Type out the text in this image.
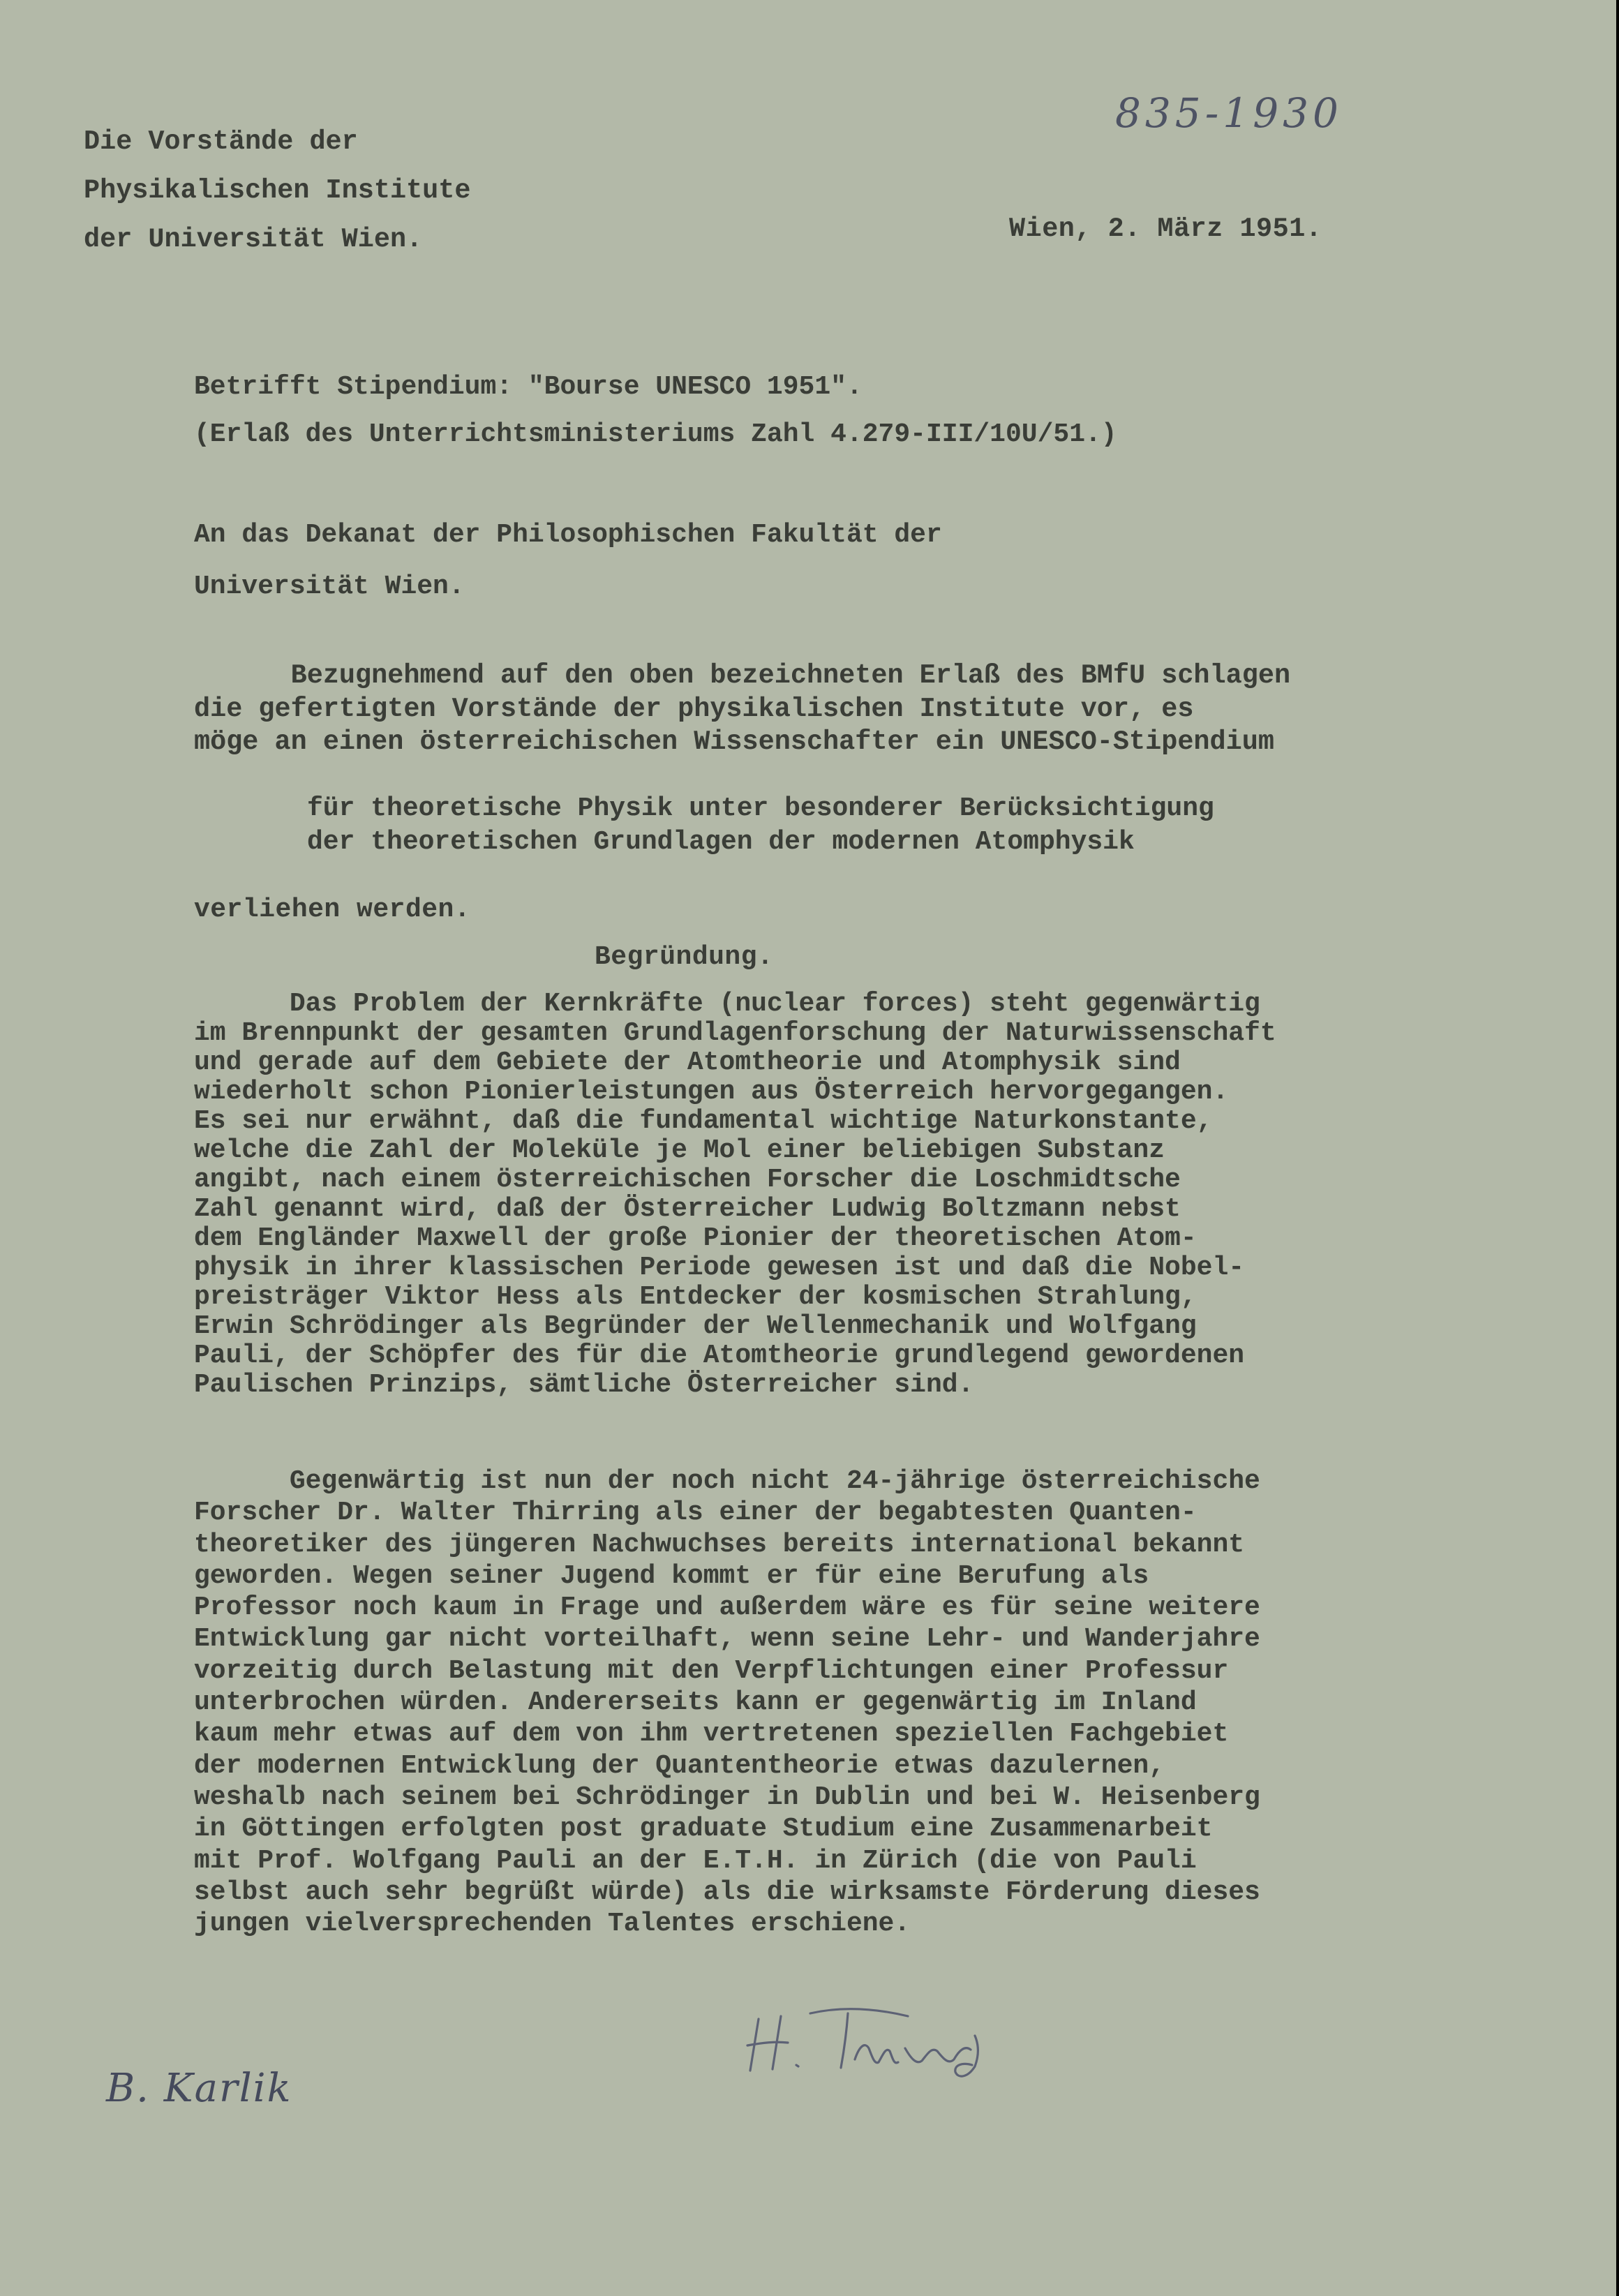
835-1930
Die Vorstände der
Physikalischen Institute
der Universität Wien.	Wien, 2. März 1951.
Betrifft Stipendium: "Bourse UNESCO 1951".
(Erlaß des Unterrichtsministeriums Zahl 4.279-III/10U/51.)
An das Dekanat der Philosophischen Fakultät der
Universität Wien.
Bezugnehmend auf den oben bezeichneten Erlaß des BMfU schlagen
die gefertigten Vorstände der physikalischen Institute vor, es
möge an einen österreichischen Wissenschafter ein UNESCO-Stipendium
für theoretische Physik unter besonderer Berücksichtigung
der theoretischen Grundlagen der modernen Atomphysik
verliehen werden.
Begründung.
Das Problem der Kernkräfte (nuclear forces) steht gegenwärtig
im Brennpunkt der gesamten Grundlagenforschung der Naturwissenschaft
und gerade auf dem Gebiete der Atomtheorie und Atomphysik sind
wiederholt schon Pionierleistungen aus Österreich hervorgegangen.
Es sei nur erwähnt, daß die fundamental wichtige Naturkonstante,
welche die Zahl der Moleküle je Mol einer beliebigen Substanz
angibt, nach einem österreichischen Forscher die Loschmidtsche
Zahl genannt wird, daß der Österreicher Ludwig Boltzmann nebst
dem Engländer Maxwell der große Pionier der theoretischen Atom-
physik in ihrer klassischen Periode gewesen ist und daß die Nobel-
preisträger Viktor Hess als Entdecker der kosmischen Strahlung,
Erwin Schrödinger als Begründer der Wellenmechanik und Wolfgang
Pauli, der Schöpfer des für die Atomtheorie grundlegend gewordenen
Paulischen Prinzips, sämtliche Österreicher sind.
Gegenwärtig ist nun der noch nicht 24-jährige österreichische
Forscher Dr. Walter Thirring als einer der begabtesten Quanten-
theoretiker des jüngeren Nachwuchses bereits international bekannt
geworden. Wegen seiner Jugend kommt er für eine Berufung als
Professor noch kaum in Frage und außerdem wäre es für seine weitere
Entwicklung gar nicht vorteilhaft, wenn seine Lehr- und Wanderjahre
vorzeitig durch Belastung mit den Verpflichtungen einer Professur
unterbrochen würden. Andererseits kann er gegenwärtig im Inland
kaum mehr etwas auf dem von ihm vertretenen speziellen Fachgebiet
der modernen Entwicklung der Quantentheorie etwas dazulernen,
weshalb nach seinem bei Schrödinger in Dublin und bei W. Heisenberg
in Göttingen erfolgten post graduate Studium eine Zusammenarbeit
mit Prof. Wolfgang Pauli an der E.T.H. in Zürich (die von Pauli
selbst auch sehr begrüßt würde) als die wirksamste Förderung dieses
jungen vielversprechenden Talentes erschiene.
B. Karlik
